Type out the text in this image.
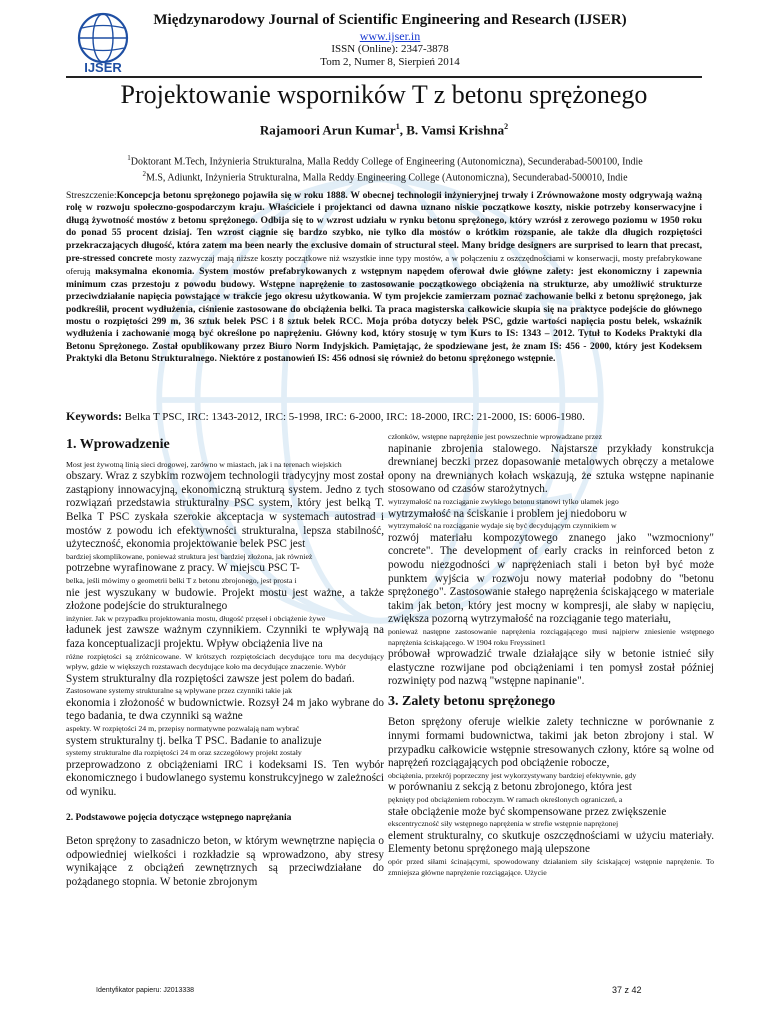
IJSER
Międzynarodowy Journal of Scientific Engineering and Research (IJSER)
www.ijser.in
ISSN (Online): 2347-3878
Tom 2, Numer 8, Sierpień 2014
Projektowanie wsporników T z betonu sprężonego
Rajamoori Arun Kumar$^1$, B. Vamsi Krishna$^2$
$^1$Doktorant M.Tech, Inżynieria Strukturalna, Malla Reddy College of Engineering (Autonomiczna), Secunderabad-500100, Indie
$^2$M.S, Adiunkt, Inżynieria Strukturalna, Malla Reddy Engineering College (Autonomiczna), Secunderabad-500010, Indie
Streszczenie:Koncepcja betonu sprężonego pojawiła się w roku 1888. W obecnej technologii inżynieryjnej trwały i Zrównoważone mosty odgrywają ważną rolę w rozwoju społeczno-gospodarczym kraju. Właściciele i projektanci od dawna uznano niskie początkowe koszty, niskie potrzeby konserwacyjne i długą żywotność mostów z betonu sprężonego. Odbija się to w wzrost udziału w rynku betonu sprężonego, który wzrósł z zerowego poziomu w 1950 roku do ponad 55 procent dzisiaj. Ten wzrost ciągnie się bardzo szybko, nie tylko dla mostów o krótkim rozspanie, ale także dla długich rozpiętości przekraczających długość, która zatem ma been nearly the exclusive domain of structural steel. Many bridge designers are surprised to learn that precast, pre-stressed concrete mosty zazwyczaj mają niższe koszty początkowe niż wszystkie inne typy mostów, a w połączeniu z oszczędnościami w konserwacji, mosty prefabrykowane oferują maksymalna ekonomia. System mostów prefabrykowanych z wstępnym napędem oferował dwie główne zalety: jest ekonomiczny i zapewnia minimum czas przestoju z powodu budowy. Wstępne naprężenie to zastosowanie początkowego obciążenia na strukturze, aby umożliwić strukturze przeciwdziałanie napięcia powstające w trakcie jego okresu użytkowania. W tym projekcie zamierzam poznać zachowanie belki z betonu sprężonego, jak podkreślił, procent wydłużenia, ciśnienie zastosowane do obciążenia belki. Ta praca magisterska całkowicie skupia się na praktyce podejście do głównego mostu o rozpiętości 299 m, 36 sztuk belek PSC i 8 sztuk belek RCC. Moja próba dotyczy belek PSC, gdzie wartości napięcia postu belek, wskaźnik wydłużenia i zachowanie mogą być określone po naprężeniu. Główny kod, który stosuję w tym Kurs to IS: 1343 – 2012. Tytuł to Kodeks Praktyki dla Betonu Sprężonego. Został opublikowany przez Biuro Norm Indyjskich. Pamiętając, że spodziewane jest, że znam IS: 456 - 2000, który jest Kodeksem Praktyki dla Betonu Strukturalnego. Niektóre z postanowień IS: 456 odnosi się również do betonu sprężonego wstępnie.
Keywords: Belka T PSC, IRC: 1343-2012, IRC: 5-1998, IRC: 6-2000, IRC: 18-2000, IRC: 21-2000, IS: 6006-1980.

1. Wprowadzenie

Most jest żywotną linią sieci drogowej, zarówno w miastach, jak i na terenach wiejskich

obszary. Wraz z szybkim rozwojem technologii tradycyjny most został zastąpiony innowacyjną, ekonomiczną strukturą system. Jedno z tych rozwiązań przedstawia strukturalny PSC system, który jest belką T. Belka T PSC zyskała szerokie akceptacja w systemach autostrad i mostów z powodu ich efektywności strukturalna, lepsza stabilność, użyteczność, ekonomia projektowanie belek PSC jest

bardziej skomplikowane, ponieważ struktura jest bardziej złożona, jak również

potrzebne wyrafinowane z pracy. W miejscu PSC T-

belka, jeśli mówimy o geometrii belki T z betonu zbrojonego, jest prosta i

nie jest wyszukany w budowie. Projekt mostu jest ważne, a także złożone podejście do strukturalnego

inżynier. Jak w przypadku projektowania mostu, długość przęseł i obciążenie żywe

ładunek jest zawsze ważnym czynnikiem. Czynniki te wpływają na faza konceptualizacji projektu. Wpływ obciążenia live na

różne rozpiętości są zróżnicowane. W krótszych rozpiętościach decydujące toru ma decydujący wpływ, gdzie w większych rozstawach decydujące koło ma decydujące znaczenie. Wybór

System strukturalny dla rozpiętości zawsze jest polem do badań.

Zastosowane systemy strukturalne są wpływane przez czynniki takie jak

ekonomia i złożoność w budownictwie. Rozsył 24 m jako wybrane do tego badania, te dwa czynniki są ważne

aspekty. W rozpiętości 24 m, przepisy normatywne pozwalają nam wybrać

system strukturalny tj. belka T PSC. Badanie to analizuje

systemy strukturalne dla rozpiętości 24 m oraz szczegółowy projekt zostały

przeprowadzono z obciążeniami IRC i kodeksami IS. Ten wybór ekonomicznego i budowlanego systemu konstrukcyjnego w zależności od wyniku.

2. Podstawowe pojęcia dotyczące wstępnego naprężania

Beton sprężony to zasadniczo beton, w którym wewnętrzne napięcia o odpowiedniej wielkości i rozkładzie są wprowadzono, aby stresy wynikające z obciążeń zewnętrznych są przeciwdziałane do pożądanego stopnia. W betonie zbrojonym

członków, wstępne naprężenie jest powszechnie wprowadzane przez

napinanie zbrojenia stalowego. Najstarsze przykłady konstrukcja drewnianej beczki przez dopasowanie metalowych obręczy a metalowe opony na drewnianych kołach wskazują, że sztuka wstępne napinanie stosowano od czasów starożytnych.

wytrzymałość na rozciąganie zwykłego betonu stanowi tylko ułamek jego

wytrzymałość na ściskanie i problem jej niedoboru w

wytrzymałość na rozciąganie wydaje się być decydującym czynnikiem w

rozwój materiału kompozytowego znanego jako "wzmocniony" concrete". The development of early cracks in reinforced beton z powodu niezgodności w naprężeniach stali i beton był być może punktem wyjścia w rozwoju nowy materiał podobny do "betonu sprężonego". Zastosowanie stałego naprężenia ściskającego w materiale takim jak beton, który jest mocny w kompresji, ale słaby w napięciu, zwiększa pozorną wytrzymałość na rozciąganie tego materiału,

ponieważ następne zastosowanie naprężenia rozciągającego musi najpierw zniesienie wstępnego naprężenia ściskającego. W 1904 roku Freyssinet1

próbował wprowadzić trwale działające siły w betonie istnieć siły elastyczne rozwijane pod obciążeniami i ten pomysł został później rozwinięty pod nazwą "wstępne napinanie".

3. Zalety betonu sprężonego

Beton sprężony oferuje wielkie zalety techniczne w porównanie z innymi formami budownictwa, takimi jak beton zbrojony i stal. W przypadku całkowicie wstępnie stresowanych człony, które są wolne od naprężeń rozciągających pod obciążenie robocze,

obciążenia, przekrój poprzeczny jest wykorzystywany bardziej efektywnie, gdy

w porównaniu z sekcją z betonu zbrojonego, która jest

pęknięty pod obciążeniem roboczym. W ramach określonych ograniczeń, a

stałe obciążenie może być skompensowane przez zwiększenie

ekscentryczność siły wstępnego naprężenia w strefie wstępnie naprężonej

element strukturalny, co skutkuje oszczędnościami w użyciu materiały. Elementy betonu sprężonego mają ulepszone

opór przed siłami ścinającymi, spowodowany działaniem siły ściskającej wstępnie naprężenie. To zmniejsza główne naprężenie rozciągające. Użycie

Identyfikator papieru: J2013338	37 z 42
